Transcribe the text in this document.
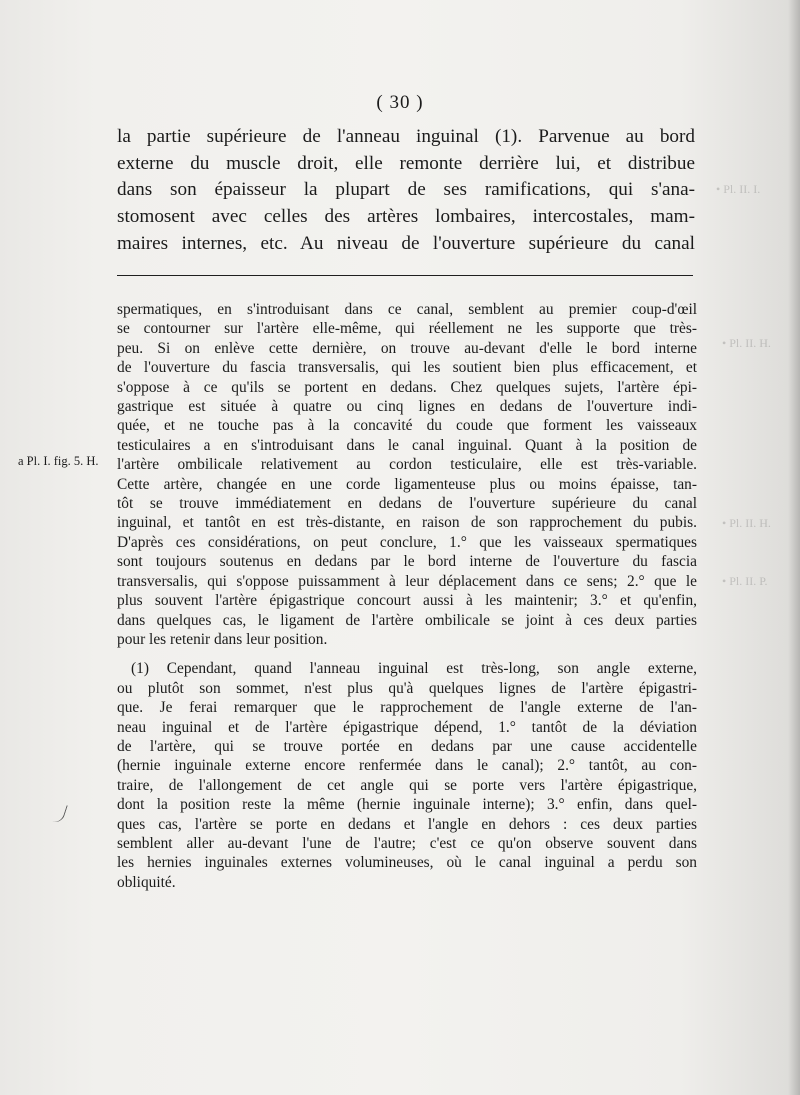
• Pl. II. I.
• Pl. II. H.
• Pl. II. H.
• Pl. II. P.
( 30 )
la partie supérieure de l'anneau inguinal (1). Parvenue au bord
externe du muscle droit, elle remonte derrière lui, et distribue
dans son épaisseur la plupart de ses ramifications, qui s'ana-
stomosent avec celles des artères lombaires, intercostales, mam-
maires internes, etc. Au niveau de l'ouverture supérieure du canal
a Pl. I. fig. 5. H.
spermatiques, en s'introduisant dans ce canal, semblent au premier coup-d'œil
se contourner sur l'artère elle-même, qui réellement ne les supporte que très-
peu. Si on enlève cette dernière, on trouve au-devant d'elle le bord interne
de l'ouverture du fascia transversalis, qui les soutient bien plus efficacement, et
s'oppose à ce qu'ils se portent en dedans. Chez quelques sujets, l'artère épi-
gastrique est située à quatre ou cinq lignes en dedans de l'ouverture indi-
quée, et ne touche pas à la concavité du coude que forment les vaisseaux
testiculaires a en s'introduisant dans le canal inguinal. Quant à la position de
l'artère ombilicale relativement au cordon testiculaire, elle est très-variable.
Cette artère, changée en une corde ligamenteuse plus ou moins épaisse, tan-
tôt se trouve immédiatement en dedans de l'ouverture supérieure du canal
inguinal, et tantôt en est très-distante, en raison de son rapprochement du pubis.
D'après ces considérations, on peut conclure, 1.° que les vaisseaux spermatiques
sont toujours soutenus en dedans par le bord interne de l'ouverture du fascia
transversalis, qui s'oppose puissamment à leur déplacement dans ce sens; 2.° que le
plus souvent l'artère épigastrique concourt aussi à les maintenir; 3.° et qu'enfin,
dans quelques cas, le ligament de l'artère ombilicale se joint à ces deux parties
pour les retenir dans leur position.
(1) Cependant, quand l'anneau inguinal est très-long, son angle externe,
ou plutôt son sommet, n'est plus qu'à quelques lignes de l'artère épigastri-
que. Je ferai remarquer que le rapprochement de l'angle externe de l'an-
neau inguinal et de l'artère épigastrique dépend, 1.° tantôt de la déviation
de l'artère, qui se trouve portée en dedans par une cause accidentelle
(hernie inguinale externe encore renfermée dans le canal); 2.° tantôt, au con-
traire, de l'allongement de cet angle qui se porte vers l'artère épigastrique,
dont la position reste la même (hernie inguinale interne); 3.° enfin, dans quel-
ques cas, l'artère se porte en dedans et l'angle en dehors : ces deux parties
semblent aller au-devant l'une de l'autre; c'est ce qu'on observe souvent dans
les hernies inguinales externes volumineuses, où le canal inguinal a perdu son
obliquité.
